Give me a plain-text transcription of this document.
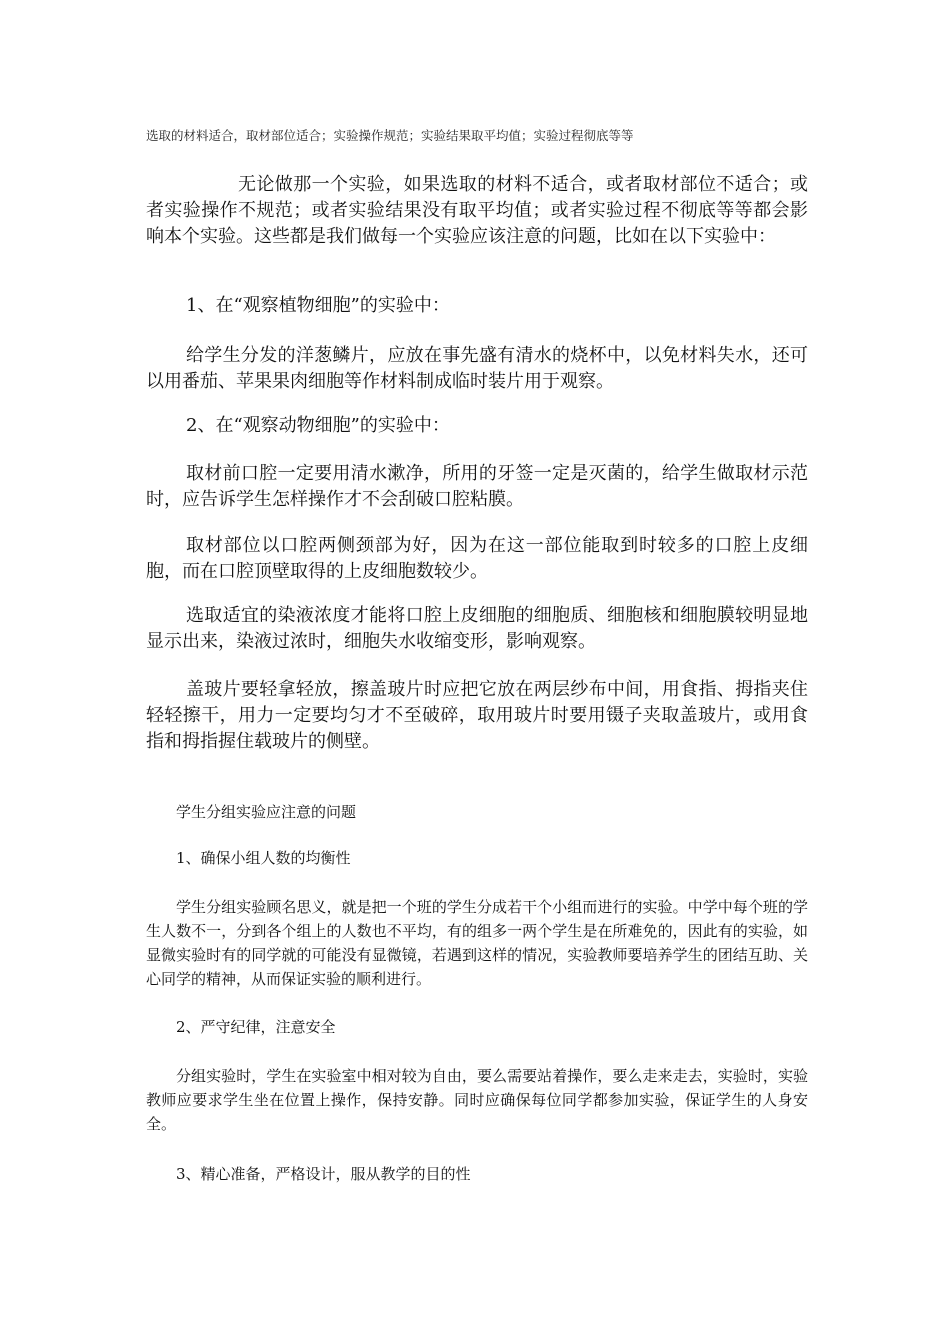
选取的材料适合，取材部位适合；实验操作规范；实验结果取平均值；实验过程彻底等等
无论做那一个实验，如果选取的材料不适合，或者取材部位不适合；或者实验操作不规范；或者实验结果没有取平均值；或者实验过程不彻底等等都会影响本个实验。这些都是我们做每一个实验应该注意的问题，比如在以下实验中：
1、在“观察植物细胞”的实验中：
给学生分发的洋葱鳞片，应放在事先盛有清水的烧杯中，以免材料失水，还可以用番茄、苹果果肉细胞等作材料制成临时装片用于观察。
2、在“观察动物细胞”的实验中：
取材前口腔一定要用清水漱净，所用的牙签一定是灭菌的，给学生做取材示范时，应告诉学生怎样操作才不会刮破口腔粘膜。
取材部位以口腔两侧颈部为好，因为在这一部位能取到时较多的口腔上皮细胞，而在口腔顶壁取得的上皮细胞数较少。
选取适宜的染液浓度才能将口腔上皮细胞的细胞质、细胞核和细胞膜较明显地显示出来，染液过浓时，细胞失水收缩变形，影响观察。
盖玻片要轻拿轻放，擦盖玻片时应把它放在两层纱布中间，用食指、拇指夹住轻轻擦干，用力一定要均匀才不至破碎，取用玻片时要用镊子夹取盖玻片，或用食指和拇指握住载玻片的侧壁。
学生分组实验应注意的问题
1、确保小组人数的均衡性
学生分组实验顾名思义，就是把一个班的学生分成若干个小组而进行的实验。中学中每个班的学生人数不一，分到各个组上的人数也不平均，有的组多一两个学生是在所难免的，因此有的实验，如显微实验时有的同学就的可能没有显微镜，若遇到这样的情况，实验教师要培养学生的团结互助、关心同学的精神，从而保证实验的顺利进行。
2、严守纪律，注意安全
分组实验时，学生在实验室中相对较为自由，要么需要站着操作，要么走来走去，实验时，实验教师应要求学生坐在位置上操作，保持安静。同时应确保每位同学都参加实验，保证学生的人身安全。
3、精心准备，严格设计，服从教学的目的性
